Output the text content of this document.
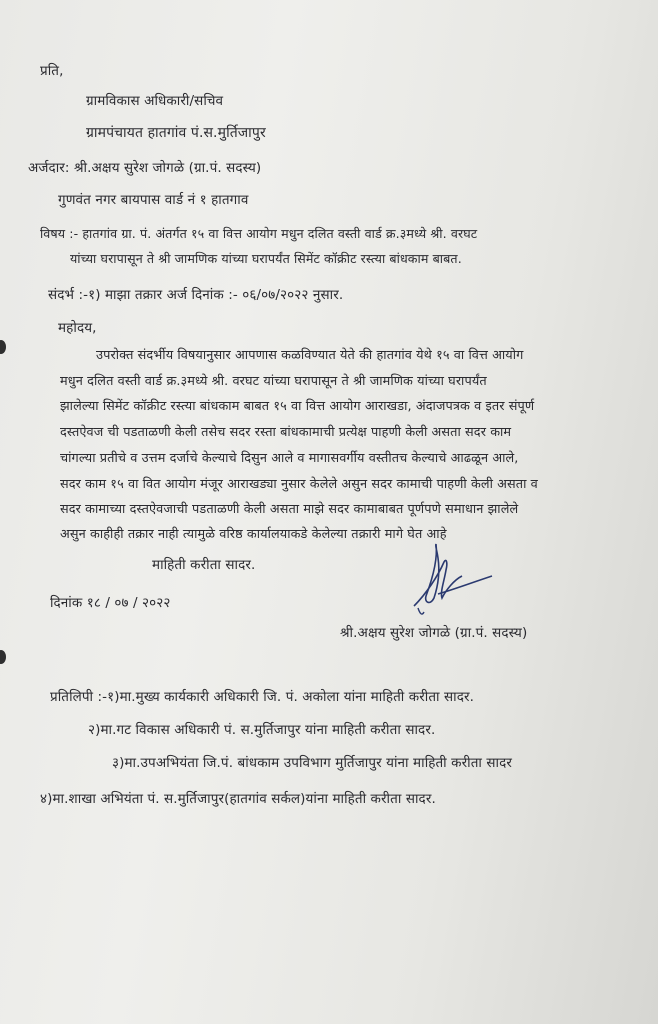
प्रति,
ग्रामविकास अधिकारी/सचिव
ग्रामपंचायत हातगांव पं.स.मुर्तिजापुर
अर्जदार: श्री.अक्षय सुरेश जोगळे (ग्रा.पं. सदस्य)
गुणवंत नगर बायपास वार्ड नं १ हातगाव
विषय :- हातगांव ग्रा. पं. अंतर्गत १५ वा वित्त आयोग मधुन दलित वस्ती वार्ड क्र.३मध्ये श्री. वरघट
यांच्या घरापासून ते श्री जामणिक यांच्या घरापर्यंत सिमेंट कॉक्रीट रस्त्या बांधकाम बाबत.
संदर्भ :-१) माझा तक्रार अर्ज दिनांक :- ०६/०७/२०२२ नुसार.
महोदय,
उपरोक्त संदर्भीय विषयानुसार आपणास कळविण्यात येते की हातगांव येथे १५ वा वित्त आयोग
मधुन दलित वस्ती वार्ड क्र.३मध्ये श्री. वरघट यांच्या घरापासून ते श्री जामणिक यांच्या घरापर्यंत
झालेल्या सिमेंट कॉक्रीट रस्त्या बांधकाम बाबत १५ वा वित्त आयोग आराखडा, अंदाजपत्रक व इतर संपूर्ण
दस्तऐवज ची पडताळणी केली तसेच सदर रस्ता बांधकामाची प्रत्येक्ष पाहणी केली असता सदर काम
चांगल्या प्रतीचे व उत्तम दर्जाचे केल्याचे दिसुन आले व मागासवर्गीय वस्तीतच केल्याचे आढळून आले,
सदर काम १५ वा वित आयोग मंजूर आराखड्या नुसार केलेले असुन सदर कामाची पाहणी केली असता व
सदर कामाच्या दस्तऐवजाची पडताळणी केली असता माझे सदर कामाबाबत पूर्णपणे समाधान झालेले
असुन काहीही तक्रार नाही त्यामुळे वरिष्ठ कार्यालयाकडे केलेल्या तक्रारी मागे घेत आहे
माहिती करीता सादर.
दिनांक १८ / ०७ / २०२२
श्री.अक्षय सुरेश जोगळे (ग्रा.पं. सदस्य)
प्रतिलिपी :-१)मा.मुख्य कार्यकारी अधिकारी जि. पं. अकोला यांना माहिती करीता सादर.
२)मा.गट विकास अधिकारी पं. स.मुर्तिजापुर यांना माहिती करीता सादर.
३)मा.उपअभियंता जि.पं. बांधकाम उपविभाग मुर्तिजापुर यांना माहिती करीता सादर
४)मा.शाखा अभियंता पं. स.मुर्तिजापुर(हातगांव सर्कल)यांना माहिती करीता सादर.
